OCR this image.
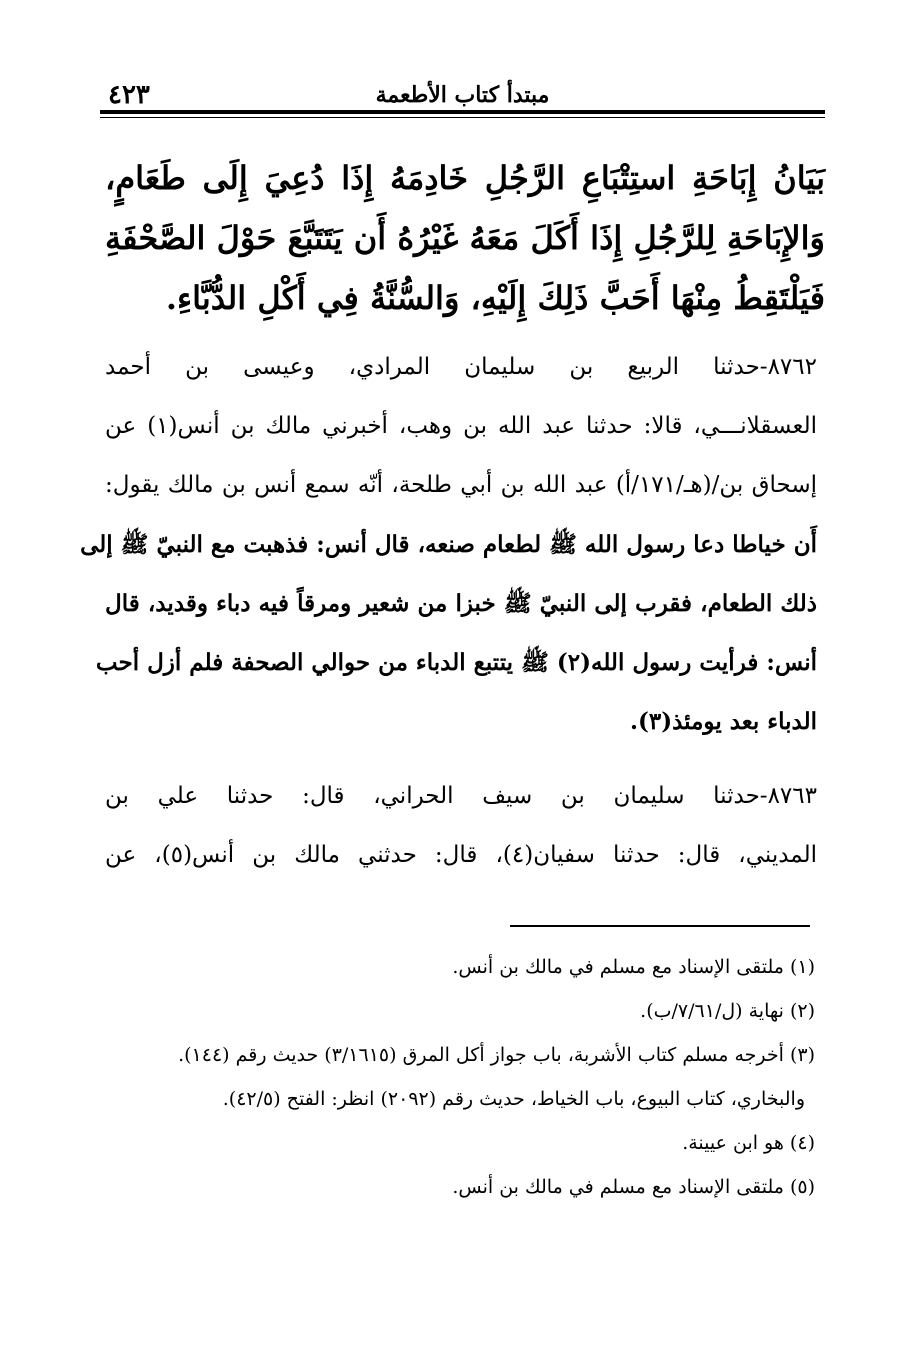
٤٢٣	مبتدأ كتاب الأطعمة
بَيَانُ إِبَاحَةِ استِتْبَاعِ الرَّجُلِ خَادِمَهُ إِذَا دُعِيَ إِلَى طَعَامٍ،
وَالإِبَاحَةِ لِلرَّجُلِ إِذَا أَكَلَ مَعَهُ غَيْرُهُ أَن يَتَتَبَّعَ حَوْلَ الصَّحْفَةِ
فَيَلْتَقِطُ مِنْهَا أَحَبَّ ذَلِكَ إِلَيْهِ، وَالسُّنَّةُ فِي أَكْلِ الدُّبَّاءِ.
٨٧٦٢-حدثنا الربيع بن سليمان المرادي، وعيسى بن أحمد
العسقلانـــي، قالا: حدثنا عبد الله بن وهب، أخبرني مالك بن أنس(١) عن
إسحاق بن/(هـ/١٧١/أ) عبد الله بن أبي طلحة، أنّه سمع أنس بن مالك يقول:
أَن خياطا دعا رسول الله ﷺ لطعام صنعه، قال أنس: فذهبت مع النبيّ ﷺ إلى
ذلك الطعام، فقرب إلى النبيّ ﷺ خبزا من شعير ومرقاً فيه دباء وقديد، قال
أنس: فرأيت رسول الله(٢) ﷺ يتتبع الدباء من حوالي الصحفة فلم أزل أحب
الدباء بعد يومئذ(٣).
٨٧٦٣-حدثنا سليمان بن سيف الحراني، قال: حدثنا علي بن
المديني، قال: حدثنا سفيان(٤)، قال: حدثني مالك بن أنس(٥)، عن
(١) ملتقى الإسناد مع مسلم في مالك بن أنس.
(٢) نهاية (ل/٧/٦١/ب).
(٣) أخرجه مسلم كتاب الأشربة، باب جواز أكل المرق (٣/١٦١٥) حديث رقم (١٤٤).
والبخاري، كتاب البيوع، باب الخياط، حديث رقم (٢٠٩٢) انظر: الفتح (٤٢/٥).
(٤) هو ابن عيينة.
(٥) ملتقى الإسناد مع مسلم في مالك بن أنس.
